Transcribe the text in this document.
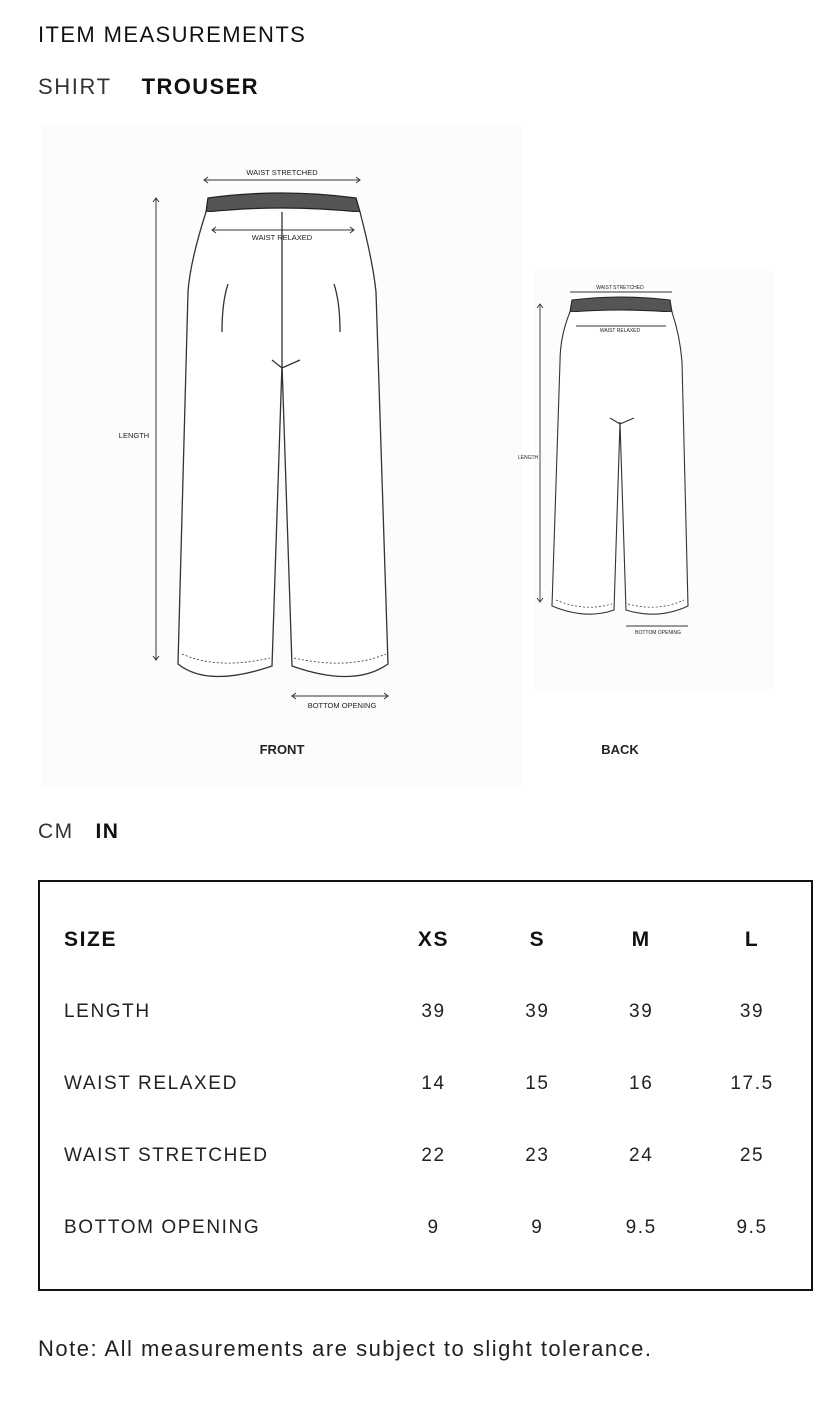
ITEM MEASUREMENTS
SHIRT TROUSER
WAIST STRETCHED
WAIST RELAXED
LENGTH
BOTTOM OPENING
FRONT
WAIST STRETCHED
WAIST RELAXED
LENGTH
BOTTOM OPENING
BACK
CM IN
SIZE	XS	S	M	L
LENGTH	39	39	39	39
WAIST RELAXED	14	15	16	17.5
WAIST STRETCHED	22	23	24	25
BOTTOM OPENING	9	9	9.5	9.5
Note: All measurements are subject to slight tolerance.
